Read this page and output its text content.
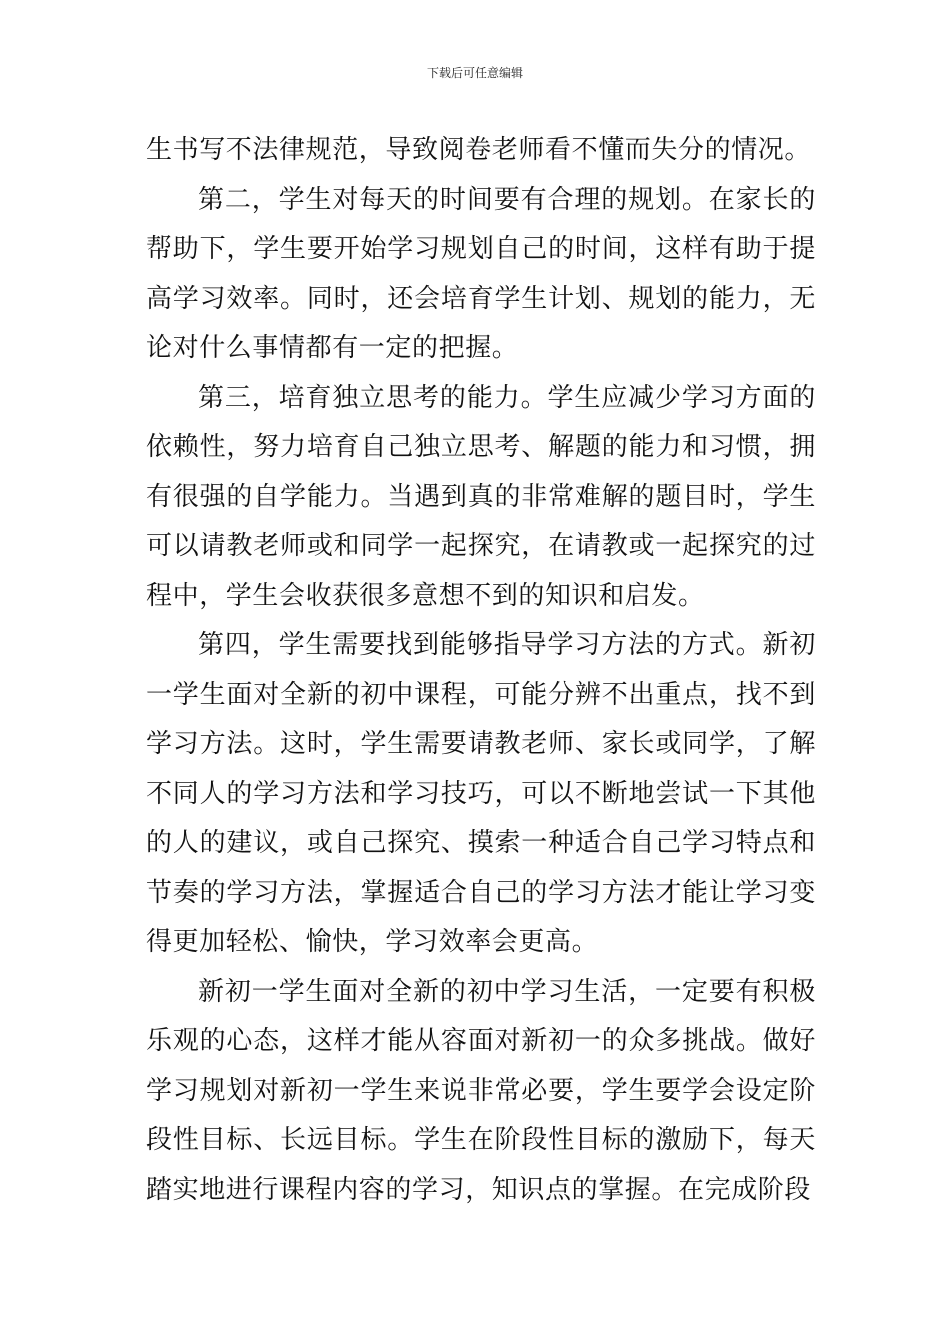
下载后可任意编辑

生书写不法律规范，导致阅卷老师看不懂而失分的情况。

第二，学生对每天的时间要有合理的规划。在家长的帮助下，学生要开始学习规划自己的时间，这样有助于提高学习效率。同时，还会培育学生计划、规划的能力，无论对什么事情都有一定的把握。

第三，培育独立思考的能力。学生应减少学习方面的依赖性，努力培育自己独立思考、解题的能力和习惯，拥有很强的自学能力。当遇到真的非常难解的题目时，学生可以请教老师或和同学一起探究，在请教或一起探究的过程中，学生会收获很多意想不到的知识和启发。

第四，学生需要找到能够指导学习方法的方式。新初一学生面对全新的初中课程，可能分辨不出重点，找不到学习方法。这时，学生需要请教老师、家长或同学，了解不同人的学习方法和学习技巧，可以不断地尝试一下其他的人的建议，或自己探究、摸索一种适合自己学习特点和节奏的学习方法，掌握适合自己的学习方法才能让学习变得更加轻松、愉快，学习效率会更高。

新初一学生面对全新的初中学习生活，一定要有积极乐观的心态，这样才能从容面对新初一的众多挑战。做好学习规划对新初一学生来说非常必要，学生要学会设定阶段性目标、长远目标。学生在阶段性目标的激励下，每天踏实地进行课程内容的学习，知识点的掌握。在完成阶段
